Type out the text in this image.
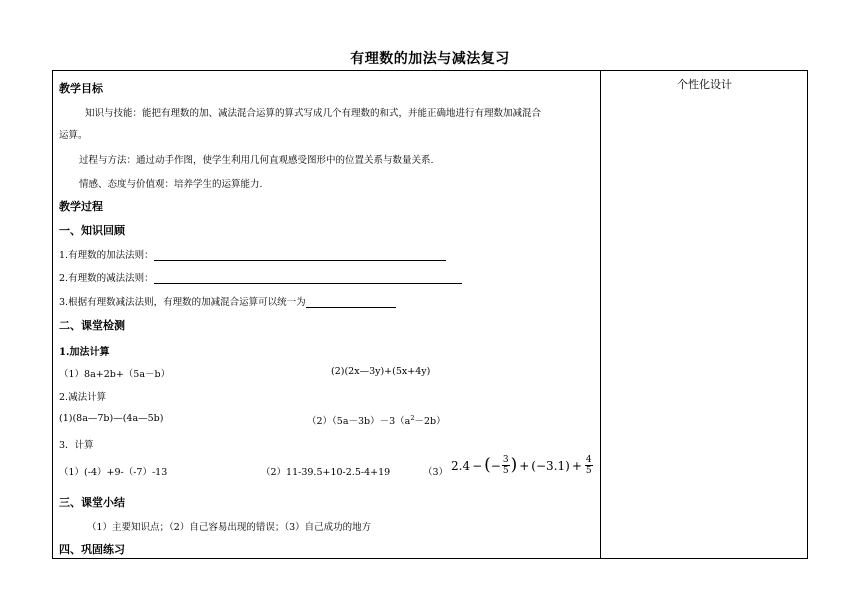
有理数的加法与减法复习
个性化设计
教学目标
知识与技能：能把有理数的加、减法混合运算的算式写成几个有理数的和式，并能正确地进行有理数加减混合
运算。
过程与方法：通过动手作图，使学生利用几何直观感受图形中的位置关系与数量关系.
情感、态度与价值观：培养学生的运算能力.
教学过程
一、知识回顾
1.有理数的加法法则：
2.有理数的减法法则：
3.根据有理数减法法则，有理数的加减混合运算可以统一为
二、课堂检测
1.加法计算
（1）8a+2b+（5a－b）	(2)(2x—3y)+(5x+4y)
2.减法计算
(1)(8a—7b)—(4a—5b)	$(2)(5a-3b)-3(a^2-2b)$
3．计算
（1）(-4）+9-（-7）-13	（2）11-39.5+10-2.5-4+19	（3） 2.4 − ( − $\frac{3}{5}$ ) + $(-3.1) + \frac{4}{5}$
三、课堂小结
（1）主要知识点；（2）自己容易出现的错误；（3）自己成功的地方
四、巩固练习
